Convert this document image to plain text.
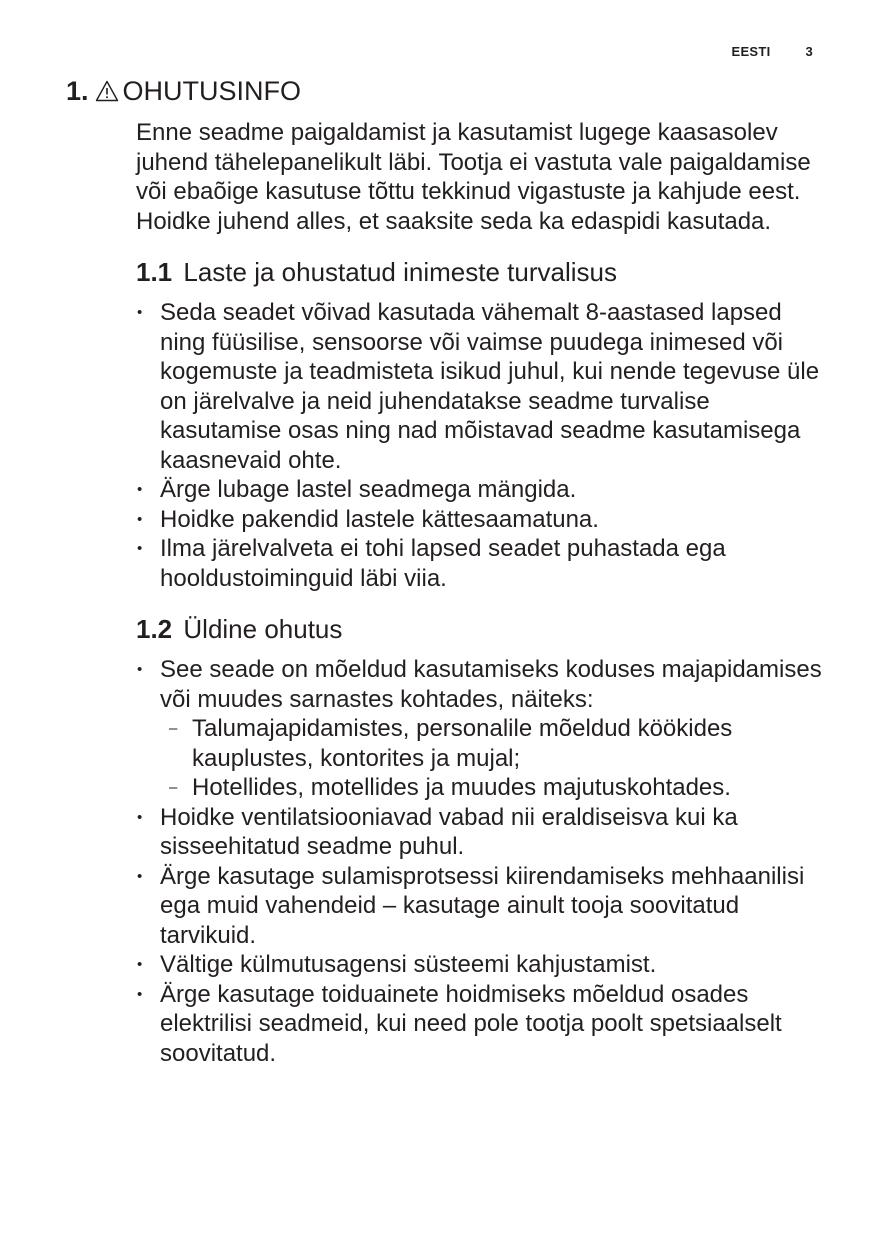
EESTI	3
1. OHUTUSINFO

Enne seadme paigaldamist ja kasutamist lugege kaasasolev juhend tähelepanelikult läbi. Tootja ei vastuta vale paigaldamise või ebaõige kasutuse tõttu tekkinud vigastuste ja kahjude eest. Hoidke juhend alles, et saaksite seda ka edaspidi kasutada.

1.1 Laste ja ohustatud inimeste turvalisus
• Seda seadet võivad kasutada vähemalt 8-aastased lapsed ning füüsilise, sensoorse või vaimse puudega inimesed või kogemuste ja teadmisteta isikud juhul, kui nende tegevuse üle on järelvalve ja neid juhendatakse seadme turvalise kasutamise osas ning nad mõistavad seadme kasutamisega kaasnevaid ohte.
• Ärge lubage lastel seadmega mängida.
• Hoidke pakendid lastele kättesaamatuna.
• Ilma järelvalveta ei tohi lapsed seadet puhastada ega hooldustoiminguid läbi viia.
1.2 Üldine ohutus
• See seade on mõeldud kasutamiseks koduses majapidamises või muudes sarnastes kohtades, näiteks:
– Talumajapidamistes, personalile mõeldud köökides kauplustes, kontorites ja mujal;
– Hotellides, motellides ja muudes majutuskohtades.
• Hoidke ventilatsiooniavad vabad nii eraldiseisva kui ka sisseehitatud seadme puhul.
• Ärge kasutage sulamisprotsessi kiirendamiseks mehhaanilisi ega muid vahendeid – kasutage ainult tooja soovitatud tarvikuid.
• Vältige külmutusagensi süsteemi kahjustamist.
• Ärge kasutage toiduainete hoidmiseks mõeldud osades elektrilisi seadmeid, kui need pole tootja poolt spetsiaalselt soovitatud.
